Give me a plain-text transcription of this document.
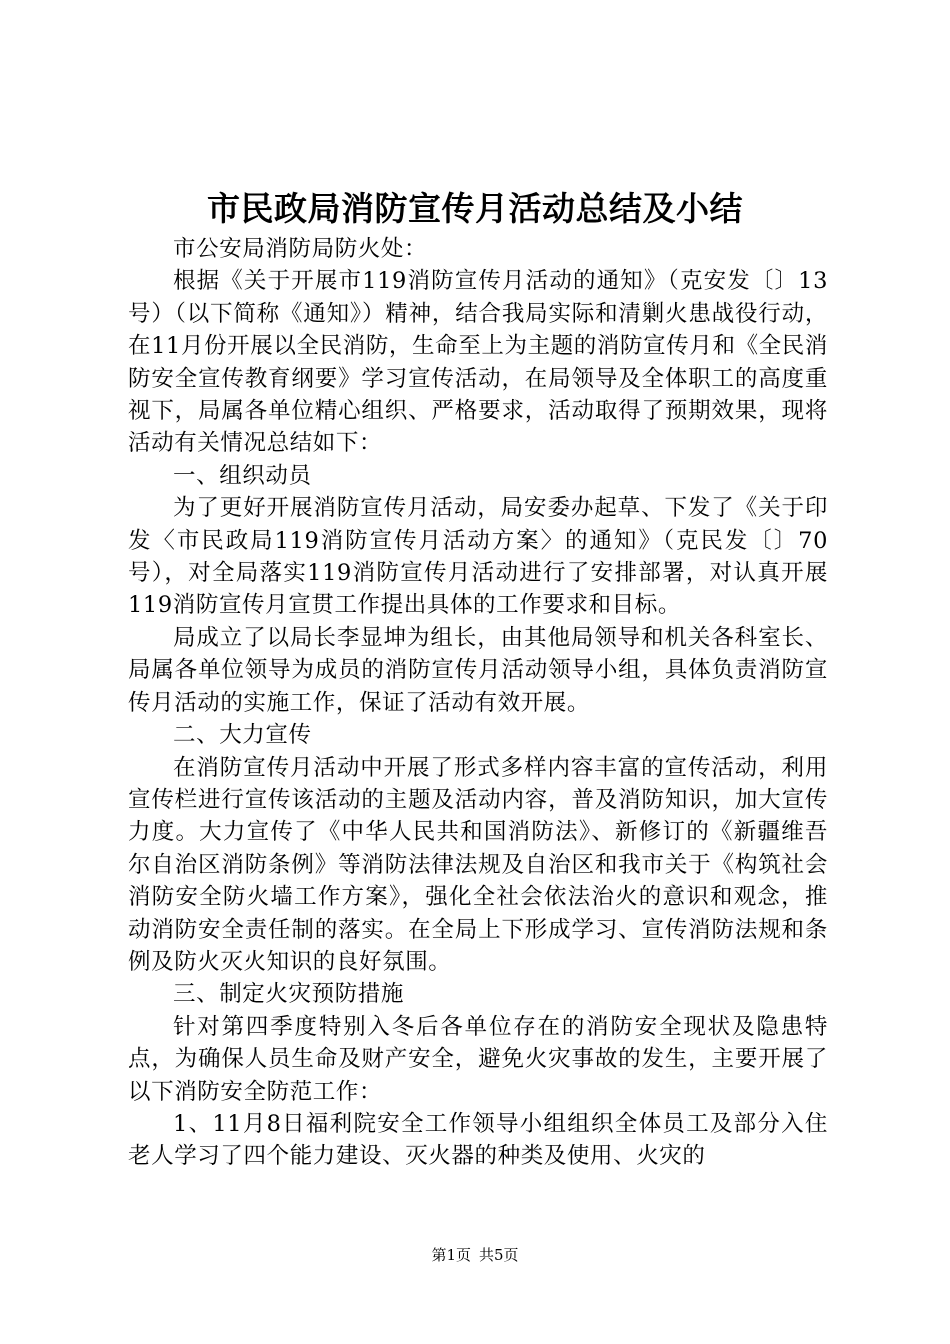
市民政局消防宣传月活动总结及小结

市公安局消防局防火处：

根据《关于开展市119消防宣传月活动的通知》（克安发〔〕13号）（以下简称《通知》）精神，结合我局实际和清剿火患战役行动，在11月份开展以全民消防，生命至上为主题的消防宣传月和《全民消防安全宣传教育纲要》学习宣传活动，在局领导及全体职工的高度重视下，局属各单位精心组织、严格要求，活动取得了预期效果，现将活动有关情况总结如下：

一、组织动员

为了更好开展消防宣传月活动，局安委办起草、下发了《关于印发〈市民政局119消防宣传月活动方案〉的通知》（克民发〔〕70号），对全局落实119消防宣传月活动进行了安排部署，对认真开展119消防宣传月宣贯工作提出具体的工作要求和目标。

局成立了以局长李显坤为组长，由其他局领导和机关各科室长、局属各单位领导为成员的消防宣传月活动领导小组，具体负责消防宣传月活动的实施工作，保证了活动有效开展。

二、大力宣传

在消防宣传月活动中开展了形式多样内容丰富的宣传活动，利用宣传栏进行宣传该活动的主题及活动内容，普及消防知识，加大宣传力度。大力宣传了《中华人民共和国消防法》、新修订的《新疆维吾尔自治区消防条例》等消防法律法规及自治区和我市关于《构筑社会消防安全防火墙工作方案》，强化全社会依法治火的意识和观念，推动消防安全责任制的落实。在全局上下形成学习、宣传消防法规和条例及防火灭火知识的良好氛围。

三、制定火灾预防措施

针对第四季度特别入冬后各单位存在的消防安全现状及隐患特点，为确保人员生命及财产安全，避免火灾事故的发生，主要开展了以下消防安全防范工作：

1、11月8日福利院安全工作领导小组组织全体员工及部分入住老人学习了四个能力建设、灭火器的种类及使用、火灾的

第1页 共5页
